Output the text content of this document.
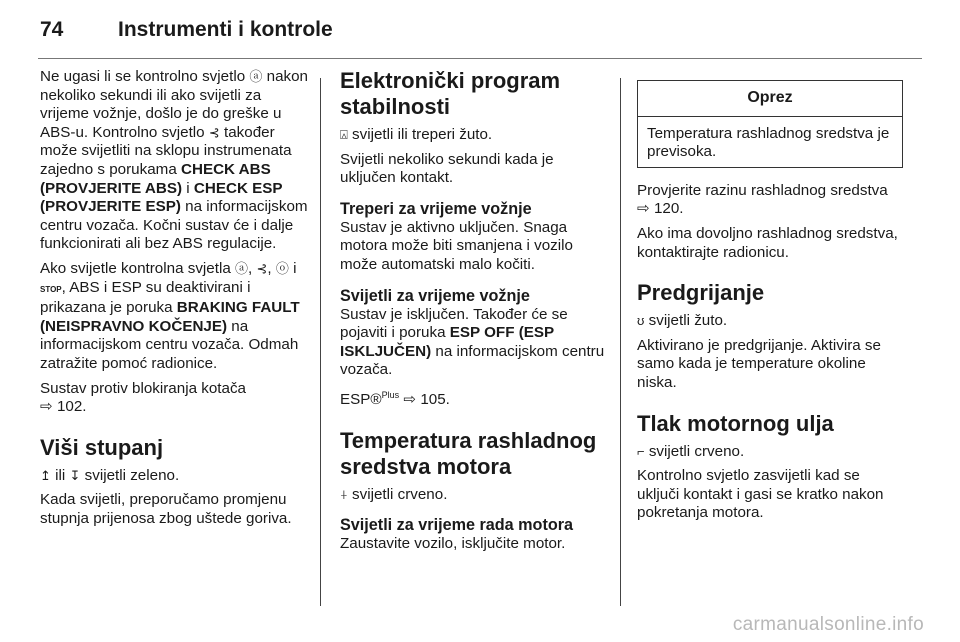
74	Instrumenti i kontrole

Ne ugasi li se kontrolno svjetlo ⓐ nakon nekoliko sekundi ili ako svijetli za vrijeme vožnje, došlo je do greške u ABS-u. Kontrolno svjetlo ⊰ također može svijetliti na sklopu instrumenata zajedno s porukama CHECK ABS (PROVJERITE ABS) i CHECK ESP (PROVJERITE ESP) na informacijskom centru vozača. Kočni sustav će i dalje funkcionirati ali bez ABS regulacije.

Ako svijetle kontrolna svjetla ⓐ, ⊰, ⓞ i STOP, ABS i ESP su deaktivirani i prikazana je poruka BRAKING FAULT (NEISPRAVNO KOČENJE) na informacijskom centru vozača. Odmah zatražite pomoć radionice.

Sustav protiv blokiranja kotača
⇨ 102.

Viši stupanj

↥ ili ↧ svijetli zeleno.

Kada svijetli, preporučamo promjenu stupnja prijenosa zbog uštede goriva.

Elektronički program stabilnosti

⍓ svijetli ili treperi žuto.

Svijetli nekoliko sekundi kada je uključen kontakt.

Treperi za vrijeme vožnje

Sustav je aktivno uključen. Snaga motora može biti smanjena i vozilo može automatski malo kočiti.

Svijetli za vrijeme vožnje

Sustav je isključen. Također će se pojaviti i poruka ESP OFF (ESP ISKLJUČEN) na informacijskom centru vozača.

ESP®$^{Plus}$ ⇨ 105.

Temperatura rashladnog sredstva motora

⍭ svijetli crveno.

Svijetli za vrijeme rada motora

Zaustavite vozilo, isključite motor.

Oprez
Temperatura rashladnog sredstva je previsoka.

Provjerite razinu rashladnog sredstva
⇨ 120.

Ako ima dovoljno rashladnog sredstva, kontaktirajte radionicu.

Predgrijanje

ʊ svijetli žuto.

Aktivirano je predgrijanje. Aktivira se samo kada je temperature okoline niska.

Tlak motornog ulja

⌐ svijetli crveno.

Kontrolno svjetlo zasvijetli kad se uključi kontakt i gasi se kratko nakon pokretanja motora.

carmanualsonline.info
